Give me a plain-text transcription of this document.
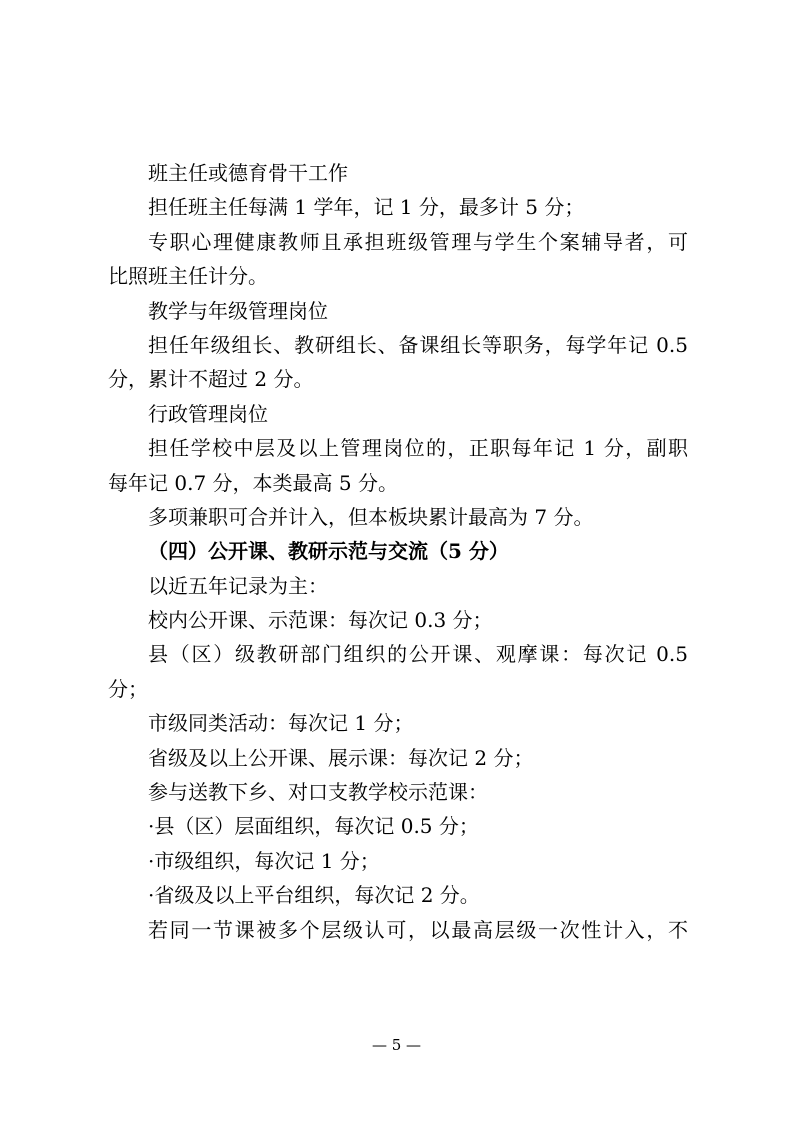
班主任或德育骨干工作
担任班主任每满 1 学年，记 1 分，最多计 5 分；
专职心理健康教师且承担班级管理与学生个案辅导者，可
比照班主任计分。
教学与年级管理岗位
担任年级组长、教研组长、备课组长等职务，每学年记 0.5
分，累计不超过 2 分。
行政管理岗位
担任学校中层及以上管理岗位的，正职每年记 1 分，副职
每年记 0.7 分，本类最高 5 分。
多项兼职可合并计入，但本板块累计最高为 7 分。
（四）公开课、教研示范与交流（5 分）
以近五年记录为主：
校内公开课、示范课：每次记 0.3 分；
县（区）级教研部门组织的公开课、观摩课：每次记 0.5
分；
市级同类活动：每次记 1 分；
省级及以上公开课、展示课：每次记 2 分；
参与送教下乡、对口支教学校示范课：
·县（区）层面组织，每次记 0.5 分；
·市级组织，每次记 1 分；
·省级及以上平台组织，每次记 2 分。
若同一节课被多个层级认可，以最高层级一次性计入，不
— 5 —
